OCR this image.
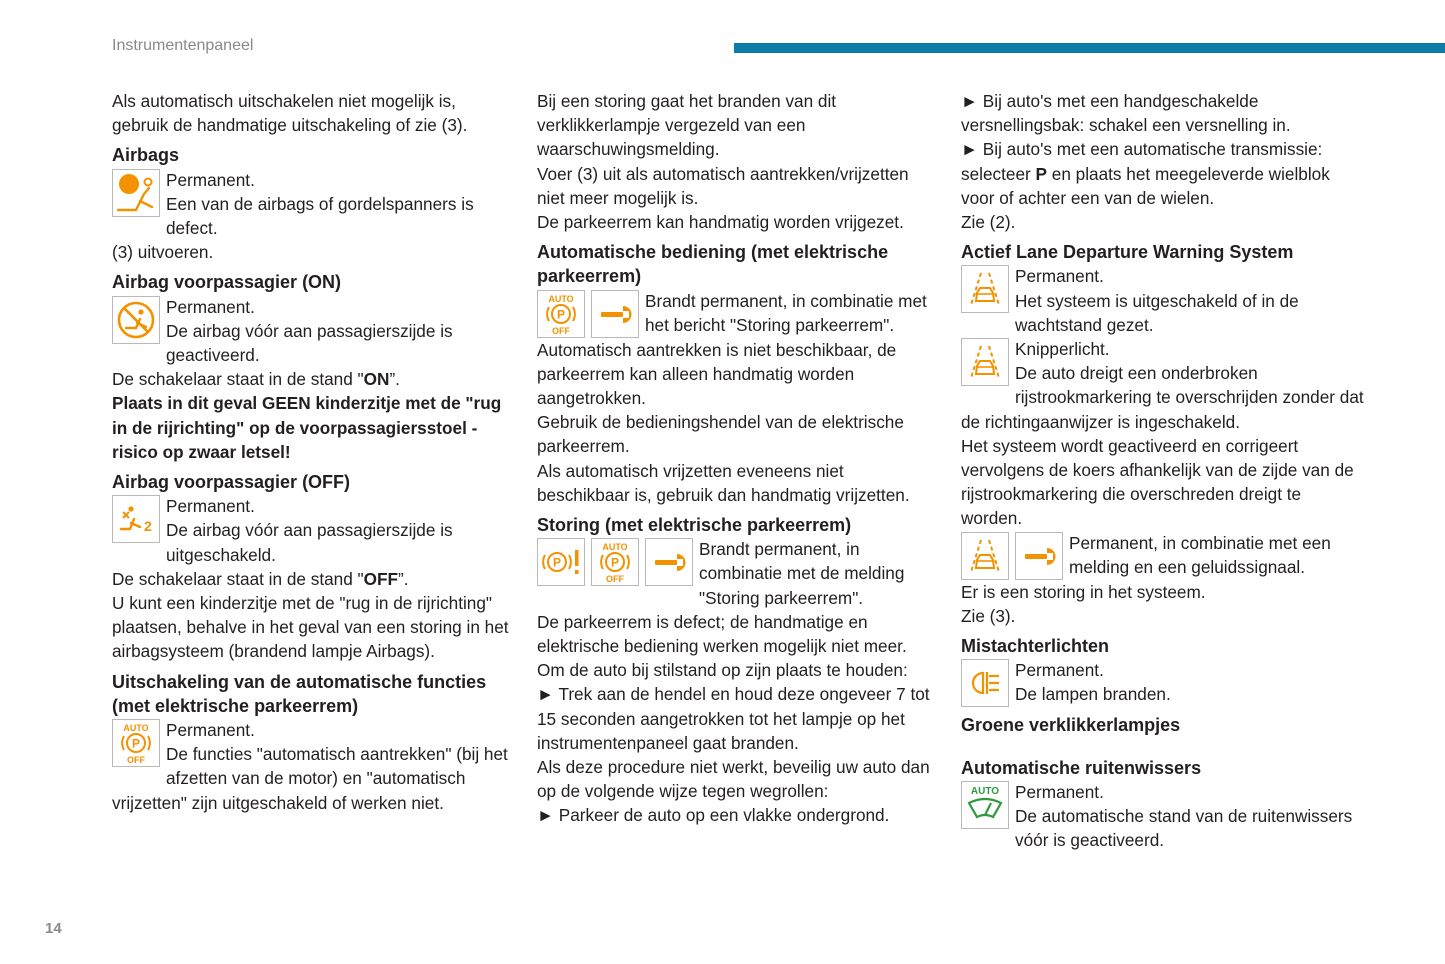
Instrumentenpaneel
14

Als automatisch uitschakelen niet mogelijk is, gebruik de handmatige uitschakeling of zie (3).

Airbags

Permanent.

Een van de airbags of gordelspanners is defect.

(3) uitvoeren.

Airbag voorpassagier (ON)

Permanent.

De airbag vóór aan passagierszijde is geactiveerd.

De schakelaar staat in de stand "ON”.

Plaats in dit geval GEEN kinderzitje met de "rug in de rijrichting" op de voorpassagiersstoel - risico op zwaar letsel!

Airbag voorpassagier (OFF)

2

Permanent.

De airbag vóór aan passagierszijde is uitgeschakeld.

De schakelaar staat in de stand "OFF”.

U kunt een kinderzitje met de "rug in de rijrichting" plaatsen, behalve in het geval van een storing in het airbagsysteem (brandend lampje Airbags).

Uitschakeling van de automatische functies (met elektrische parkeerrem)

AUTO
P
OFF

Permanent.

De functies "automatisch aantrekken" (bij het afzetten van de motor) en "automatisch vrijzetten" zijn uitgeschakeld of werken niet.

Bij een storing gaat het branden van dit verklikkerlampje vergezeld van een waarschuwingsmelding.

Voer (3) uit als automatisch aantrekken/vrijzetten niet meer mogelijk is.

De parkeerrem kan handmatig worden vrijgezet.

Automatische bediening (met elektrische parkeerrem)

AUTO
P
OFF

Brandt permanent, in combinatie met het bericht "Storing parkeerrem".

Automatisch aantrekken is niet beschikbaar, de parkeerrem kan alleen handmatig worden aangetrokken.

Gebruik de bedieningshendel van de elektrische parkeerrem.

Als automatisch vrijzetten eveneens niet beschikbaar is, gebruik dan handmatig vrijzetten.

Storing (met elektrische parkeerrem)

P
AUTO
P
OFF

Brandt permanent, in combinatie met de melding "Storing parkeerrem".

De parkeerrem is defect; de handmatige en elektrische bediening werken mogelijk niet meer.

Om de auto bij stilstand op zijn plaats te houden:

► Trek aan de hendel en houd deze ongeveer 7 tot 15 seconden aangetrokken tot het lampje op het instrumentenpaneel gaat branden.

Als deze procedure niet werkt, beveilig uw auto dan op de volgende wijze tegen wegrollen:

► Parkeer de auto op een vlakke ondergrond.

► Bij auto's met een handgeschakelde versnellingsbak: schakel een versnelling in.

► Bij auto's met een automatische transmissie: selecteer P en plaats het meegeleverde wielblok voor of achter een van de wielen.

Zie (2).

Actief Lane Departure Warning System

Permanent.

Het systeem is uitgeschakeld of in de wachtstand gezet.

Knipperlicht.

De auto dreigt een onderbroken rijstrookmarkering te overschrijden zonder dat de richtingaanwijzer is ingeschakeld.

Het systeem wordt geactiveerd en corrigeert vervolgens de koers afhankelijk van de zijde van de rijstrookmarkering die overschreden dreigt te worden.

Permanent, in combinatie met een melding en een geluidssignaal.

Er is een storing in het systeem.

Zie (3).

Mistachterlichten

Permanent.

De lampen branden.

Groene verklikkerlampjes

Automatische ruitenwissers

AUTO Permanent.

De automatische stand van de ruitenwissers vóór is geactiveerd.
